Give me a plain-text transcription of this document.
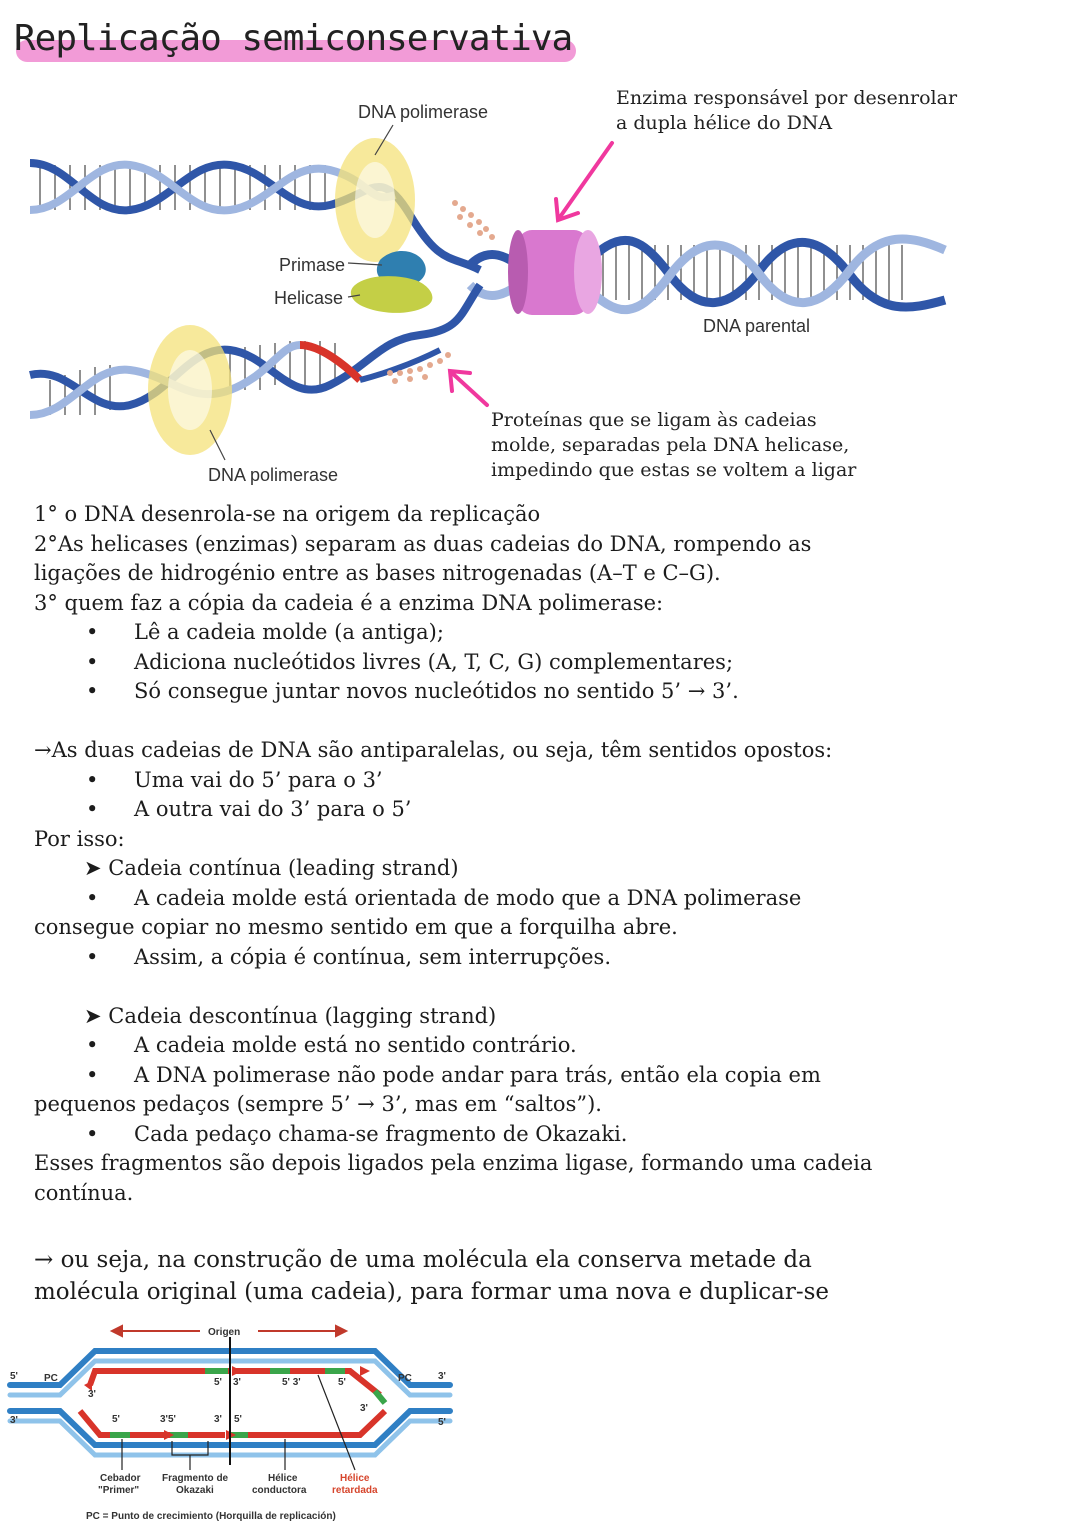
Replicação semiconservativa
DNA polimerase
Primase
Helicase
DNA parental
DNA polimerase
Enzima responsável por desenrolar
a dupla hélice do DNA
Proteínas que se ligam às cadeias
molde, separadas pela DNA helicase,
impedindo que estas se voltem a ligar

1° o DNA desenrola-se na origem da replicação

2°As helicases (enzimas) separam as duas cadeias do DNA, rompendo as

ligações de hidrogénio entre as bases nitrogenadas (A–T e C–G).

3° quem faz a cópia da cadeia é a enzima DNA polimerase:

• Lê a cadeia molde (a antiga);

• Adiciona nucleótidos livres (A, T, C, G) complementares;

• Só consegue juntar novos nucleótidos no sentido 5’ → 3’.

→As duas cadeias de DNA são antiparalelas, ou seja, têm sentidos opostos:

• Uma vai do 5’ para o 3’

• A outra vai do 3’ para o 5’

Por isso:

➤ Cadeia contínua (leading strand)

• A cadeia molde está orientada de modo que a DNA polimerase

consegue copiar no mesmo sentido em que a forquilha abre.

• Assim, a cópia é contínua, sem interrupções.

➤ Cadeia descontínua (lagging strand)

• A cadeia molde está no sentido contrário.

• A DNA polimerase não pode andar para trás, então ela copia em

pequenos pedaços (sempre 5’ → 3’, mas em “saltos”).

• Cada pedaço chama-se fragmento de Okazaki.

Esses fragmentos são depois ligados pela enzima ligase, formando uma cadeia

contínua.

→ ou seja, na construção de uma molécula ela conserva metade da

molécula original (uma cadeia), para formar uma nova e duplicar-se

Origen
5'	PC
3'
PC	3'
5'
3'
5'	3'5'	3' 5'
5' 3'	5' 3'	5'
3'
Cebador
"Primer"
Fragmento de
Okazaki
Hélice
conductora
Hélice
retardada
PC = Punto de crecimiento (Horquilla de replicación)
